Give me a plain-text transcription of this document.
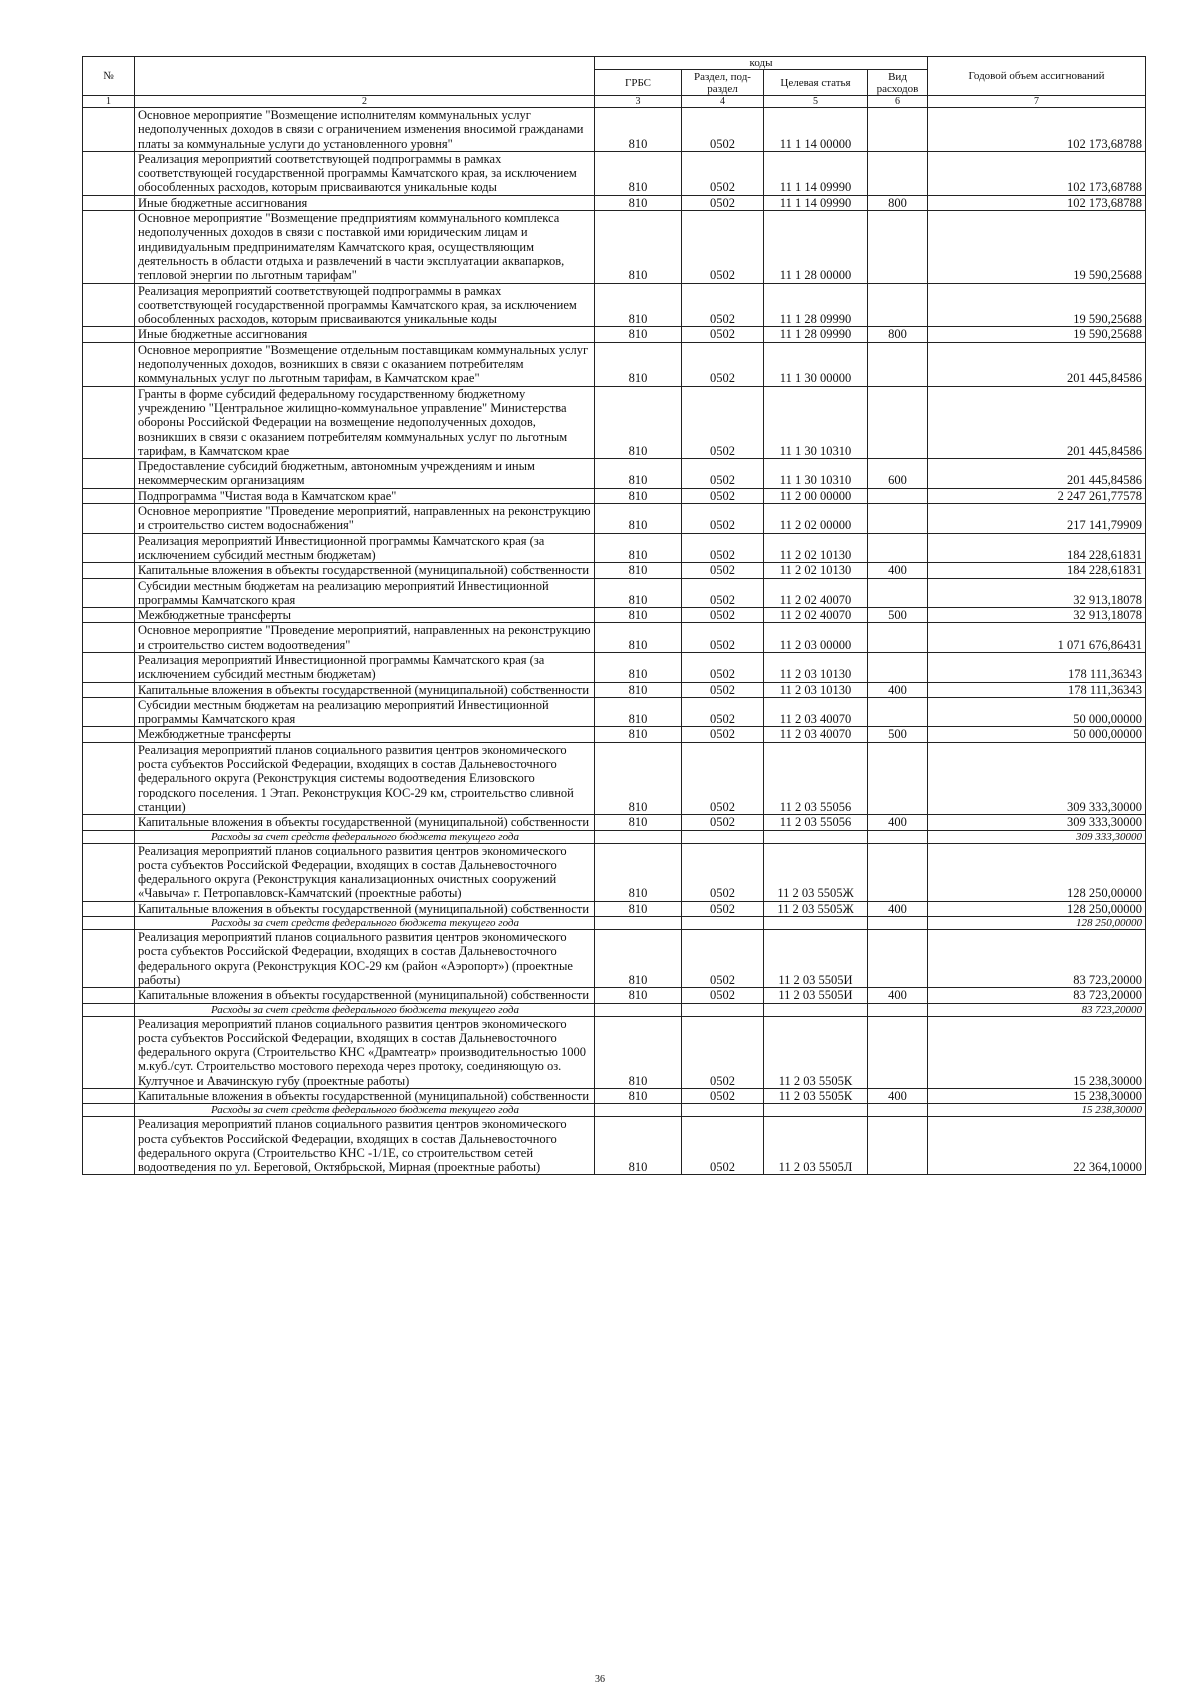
№		коды				Годовой объем ассигнований
		ГРБС	Раздел, под-раздел	Целевая статья	Вид расходов	
1	2	3	4	5	6	7
	Основное мероприятие "Возмещение исполнителям коммунальных услуг недополученных доходов в связи с ограничением изменения вносимой гражданами платы за коммунальные услуги до установленного уровня"	810	0502	11 1 14 00000		102 173,68788
	Реализация мероприятий соответствующей подпрограммы в рамках соответствующей государственной программы Камчатского края, за исключением обособленных расходов, которым присваиваются уникальные коды	810	0502	11 1 14 09990		102 173,68788
	Иные бюджетные ассигнования	810	0502	11 1 14 09990	800	102 173,68788
	Основное мероприятие "Возмещение предприятиям коммунального комплекса недополученных доходов в связи с поставкой ими юридическим лицам и индивидуальным предпринимателям Камчатского края, осуществляющим деятельность в области отдыха и развлечений в части эксплуатации аквапарков, тепловой энергии по льготным тарифам"	810	0502	11 1 28 00000		19 590,25688
	Реализация мероприятий соответствующей подпрограммы в рамках соответствующей государственной программы Камчатского края, за исключением обособленных расходов, которым присваиваются уникальные коды	810	0502	11 1 28 09990		19 590,25688
	Иные бюджетные ассигнования	810	0502	11 1 28 09990	800	19 590,25688
	Основное мероприятие "Возмещение отдельным поставщикам коммунальных услуг недополученных доходов, возникших в связи с оказанием потребителям коммунальных услуг по льготным тарифам, в Камчатском крае"	810	0502	11 1 30 00000		201 445,84586
	Гранты в форме субсидий федеральному государственному бюджетному учреждению "Центральное жилищно-коммунальное управление" Министерства обороны Российской Федерации на возмещение недополученных доходов, возникших в связи с оказанием потребителям коммунальных услуг по льготным тарифам, в Камчатском крае	810	0502	11 1 30 10310		201 445,84586
	Предоставление субсидий бюджетным, автономным учреждениям и иным некоммерческим организациям	810	0502	11 1 30 10310	600	201 445,84586
	Подпрограмма "Чистая вода в Камчатском крае"	810	0502	11 2 00 00000		2 247 261,77578
	Основное мероприятие "Проведение мероприятий, направленных на реконструкцию и строительство систем водоснабжения"	810	0502	11 2 02 00000		217 141,79909
	Реализация мероприятий Инвестиционной программы Камчатского края (за исключением субсидий местным бюджетам)	810	0502	11 2 02 10130		184 228,61831
	Капитальные вложения в объекты государственной (муниципальной) собственности	810	0502	11 2 02 10130	400	184 228,61831
	Субсидии местным бюджетам на реализацию мероприятий Инвестиционной программы Камчатского края	810	0502	11 2 02 40070		32 913,18078
	Межбюджетные трансферты	810	0502	11 2 02 40070	500	32 913,18078
	Основное мероприятие "Проведение мероприятий, направленных на реконструкцию и строительство систем водоотведения"	810	0502	11 2 03 00000		1 071 676,86431
	Реализация мероприятий Инвестиционной программы Камчатского края (за исключением субсидий местным бюджетам)	810	0502	11 2 03 10130		178 111,36343
	Капитальные вложения в объекты государственной (муниципальной) собственности	810	0502	11 2 03 10130	400	178 111,36343
	Субсидии местным бюджетам на реализацию мероприятий Инвестиционной программы Камчатского края	810	0502	11 2 03 40070		50 000,00000
	Межбюджетные трансферты	810	0502	11 2 03 40070	500	50 000,00000
	Реализация мероприятий планов социального развития центров экономического роста субъектов Российской Федерации, входящих в состав Дальневосточного федерального округа (Реконструкция системы водоотведения Елизовского городского поселения. 1 Этап. Реконструкция КОС-29 км, строительство сливной станции)	810	0502	11 2 03 55056		309 333,30000
	Капитальные вложения в объекты государственной (муниципальной) собственности	810	0502	11 2 03 55056	400	309 333,30000
	Расходы за счет средств федерального бюджета текущего года					309 333,30000
	Реализация мероприятий планов социального развития центров экономического роста субъектов Российской Федерации, входящих в состав Дальневосточного федерального округа (Реконструкция канализационных очистных сооружений «Чавыча» г. Петропавловск-Камчатский (проектные работы)	810	0502	11 2 03 5505Ж		128 250,00000
	Капитальные вложения в объекты государственной (муниципальной) собственности	810	0502	11 2 03 5505Ж	400	128 250,00000
	Расходы за счет средств федерального бюджета текущего года					128 250,00000
	Реализация мероприятий планов социального развития центров экономического роста субъектов Российской Федерации, входящих в состав Дальневосточного федерального округа (Реконструкция КОС-29 км (район «Аэропорт») (проектные работы)	810	0502	11 2 03 5505И		83 723,20000
	Капитальные вложения в объекты государственной (муниципальной) собственности	810	0502	11 2 03 5505И	400	83 723,20000
	Расходы за счет средств федерального бюджета текущего года					83 723,20000
	Реализация мероприятий планов социального развития центров экономического роста субъектов Российской Федерации, входящих в состав Дальневосточного федерального округа (Строительство КНС «Драмтеатр» производительностью 1000 м.куб./сут. Строительство мостового перехода через протоку, соединяющую оз. Култучное и Авачинскую губу (проектные работы)	810	0502	11 2 03 5505К		15 238,30000
	Капитальные вложения в объекты государственной (муниципальной) собственности	810	0502	11 2 03 5505К	400	15 238,30000
	Расходы за счет средств федерального бюджета текущего года					15 238,30000
	Реализация мероприятий планов социального развития центров экономического роста субъектов Российской Федерации, входящих в состав Дальневосточного федерального округа (Строительство КНС -1/1Е, со строительством сетей водоотведения по ул. Береговой, Октябрьской, Мирная (проектные работы)	810	0502	11 2 03 5505Л		22 364,10000
36
